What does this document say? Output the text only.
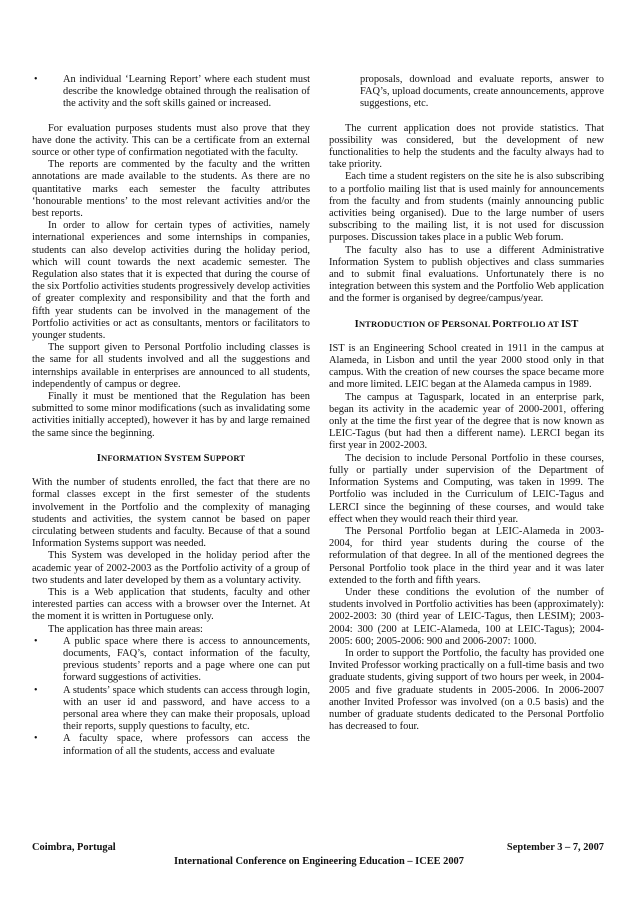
• An individual ‘Learning Report’ where each student must describe the knowledge obtained through the realisation of the activity and the soft skills gained or increased.

For evaluation purposes students must also prove that they have done the activity. This can be a certificate from an external source or other type of confirmation negotiated with the faculty.

The reports are commented by the faculty and the written annotations are made available to the students. As there are no quantitative marks each semester the faculty attributes ‘honourable mentions’ to the most relevant activities and/or the best reports.

In order to allow for certain types of activities, namely international experiences and some internships in companies, students can also develop activities during the holiday period, which will count towards the next academic semester. The Regulation also states that it is expected that during the course of the six Portfolio activities students progressively develop activities of greater complexity and responsibility and that the forth and fifth year students can be involved in the management of the Portfolio activities or act as consultants, mentors or facilitators to younger students.

The support given to Personal Portfolio including classes is the same for all students involved and all the suggestions and internships available in enterprises are announced to all students, independently of campus or degree.

Finally it must be mentioned that the Regulation has been submitted to some minor modifications (such as invalidating some activities initially accepted), however it has by and large remained the same since the beginning.

INFORMATION SYSTEM SUPPORT

With the number of students enrolled, the fact that there are no formal classes except in the first semester of the students involvement in the Portfolio and the complexity of managing students and activities, the system cannot be based on paper circulating between students and faculty. Because of that a sound Information Systems support was needed.

This System was developed in the holiday period after the academic year of 2002-2003 as the Portfolio activity of a group of two students and later developed by them as a voluntary activity.

This is a Web application that students, faculty and other interested parties can access with a browser over the Internet. At the moment it is written in Portuguese only.

The application has three main areas:

• A public space where there is access to announcements, documents, FAQ’s, contact information of the faculty, previous students’ reports and a page where one can put forward suggestions of activities.

• A students’ space which students can access through login, with an user id and password, and have access to a personal area where they can make their proposals, upload their reports, supply questions to faculty, etc.

• A faculty space, where professors can access the information of all the students, access and evaluate

proposals, download and evaluate reports, answer to FAQ’s, upload documents, create announcements, approve suggestions, etc.

The current application does not provide statistics. That possibility was considered, but the development of new functionalities to help the students and the faculty always had to take priority.

Each time a student registers on the site he is also subscribing to a portfolio mailing list that is used mainly for announcements from the faculty and from students (mainly announcing public activities being organised). Due to the large number of users subscribing to the mailing list, it is not used for discussion purposes. Discussion takes place in a public Web forum.

The faculty also has to use a different Administrative Information System to publish objectives and class summaries and to submit final evaluations. Unfortunately there is no integration between this system and the Portfolio Web application and the former is organised by degree/campus/year.

INTRODUCTION OF PERSONAL PORTFOLIO AT IST

IST is an Engineering School created in 1911 in the campus at Alameda, in Lisbon and until the year 2000 stood only in that campus. With the creation of new courses the space became more and more limited. LEIC began at the Alameda campus in 1989.

The campus at Taguspark, located in an enterprise park, began its activity in the academic year of 2000-2001, offering only at the time the first year of the degree that is now known as LEIC-Tagus (but had then a different name). LERCI began its first year in 2002-2003.

The decision to include Personal Portfolio in these courses, fully or partially under supervision of the Department of Information Systems and Computing, was taken in 1999. The Portfolio was included in the Curriculum of LEIC-Tagus and LERCI since the beginning of these courses, and would take effect when they would reach their third year.

The Personal Portfolio began at LEIC-Alameda in 2003-2004, for third year students during the course of the reformulation of that degree. In all of the mentioned degrees the Personal Portfolio took place in the third year and it was later extended to the forth and fifth years.

Under these conditions the evolution of the number of students involved in Portfolio activities has been (approximately): 2002-2003: 30 (third year of LEIC-Tagus, then LESIM); 2003-2004: 300 (200 at LEIC-Alameda, 100 at LEIC-Tagus); 2004-2005: 600; 2005-2006: 900 and 2006-2007: 1000.

In order to support the Portfolio, the faculty has provided one Invited Professor working practically on a full-time basis and two graduate students, giving support of two hours per week, in 2004-2005 and five graduate students in 2005-2006. In 2006-2007 another Invited Professor was involved (on a 0.5 basis) and the number of graduate students dedicated to the Personal Portfolio has decreased to four.

Coimbra, Portugal	September 3 – 7, 2007
International Conference on Engineering Education – ICEE 2007
